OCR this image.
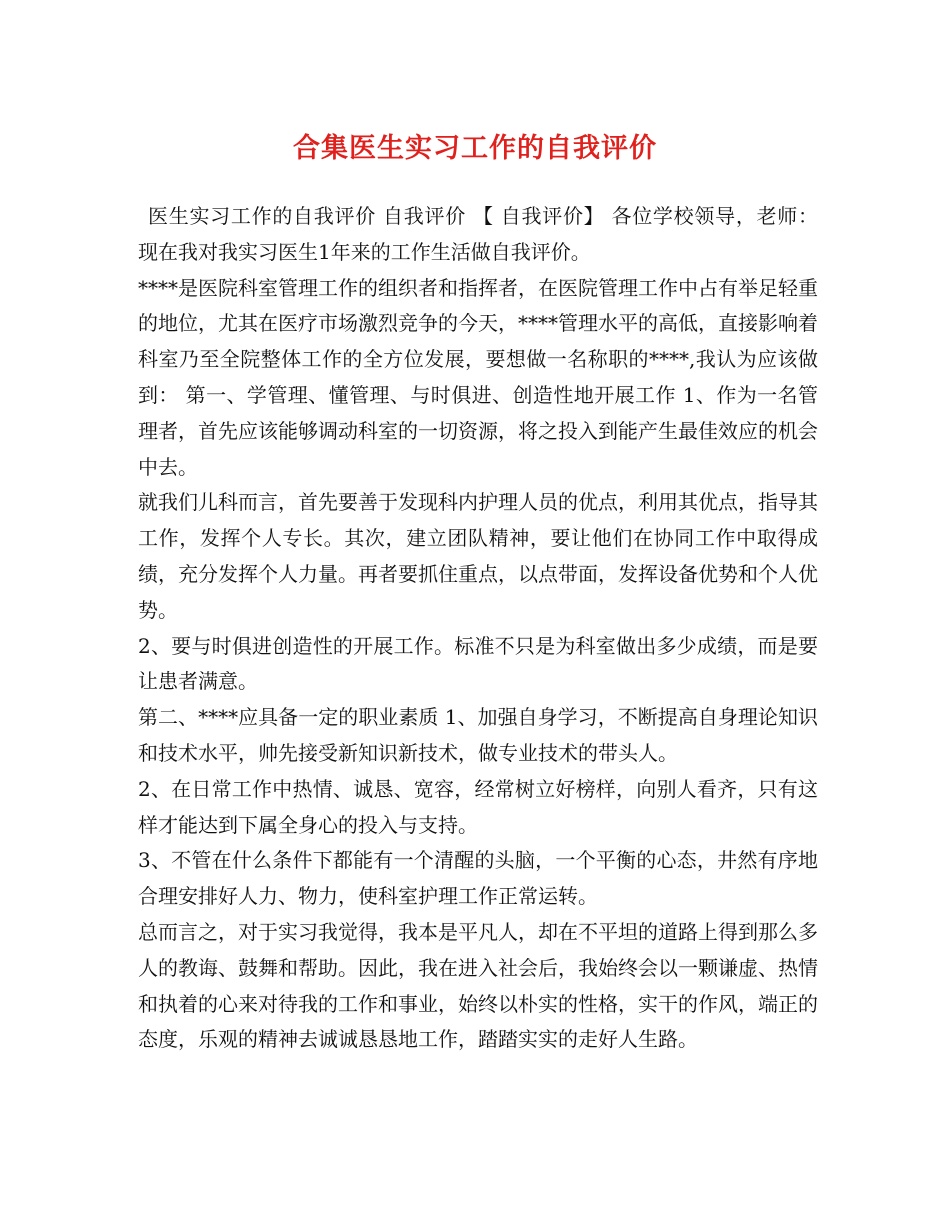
合集医生实习工作的自我评价

医生实习工作的自我评价 自我评价 【 自我评价】 各位学校领导，老师： 现在我对我实习医生1年来的工作生活做自我评价。

****是医院科室管理工作的组织者和指挥者，在医院管理工作中占有举足轻重的地位，尤其在医疗市场激烈竞争的今天，****管理水平的高低，直接影响着科室乃至全院整体工作的全方位发展，要想做一名称职的****,我认为应该做到： 第一、学管理、懂管理、与时俱进、创造性地开展工作 1、作为一名管理者，首先应该能够调动科室的一切资源，将之投入到能产生最佳效应的机会中去。

就我们儿科而言，首先要善于发现科内护理人员的优点，利用其优点，指导其工作，发挥个人专长。其次，建立团队精神，要让他们在协同工作中取得成绩，充分发挥个人力量。再者要抓住重点，以点带面，发挥设备优势和个人优势。

2、要与时俱进创造性的开展工作。标准不只是为科室做出多少成绩，而是要让患者满意。

第二、****应具备一定的职业素质 1、加强自身学习，不断提高自身理论知识和技术水平，帅先接受新知识新技术，做专业技术的带头人。

2、在日常工作中热情、诚恳、宽容，经常树立好榜样，向别人看齐，只有这样才能达到下属全身心的投入与支持。

3、不管在什么条件下都能有一个清醒的头脑，一个平衡的心态，井然有序地合理安排好人力、物力，使科室护理工作正常运转。

总而言之，对于实习我觉得，我本是平凡人，却在不平坦的道路上得到那么多人的教诲、鼓舞和帮助。因此，我在进入社会后，我始终会以一颗谦虚、热情和执着的心来对待我的工作和事业，始终以朴实的性格，实干的作风，端正的态度，乐观的精神去诚诚恳恳地工作，踏踏实实的走好人生路。
